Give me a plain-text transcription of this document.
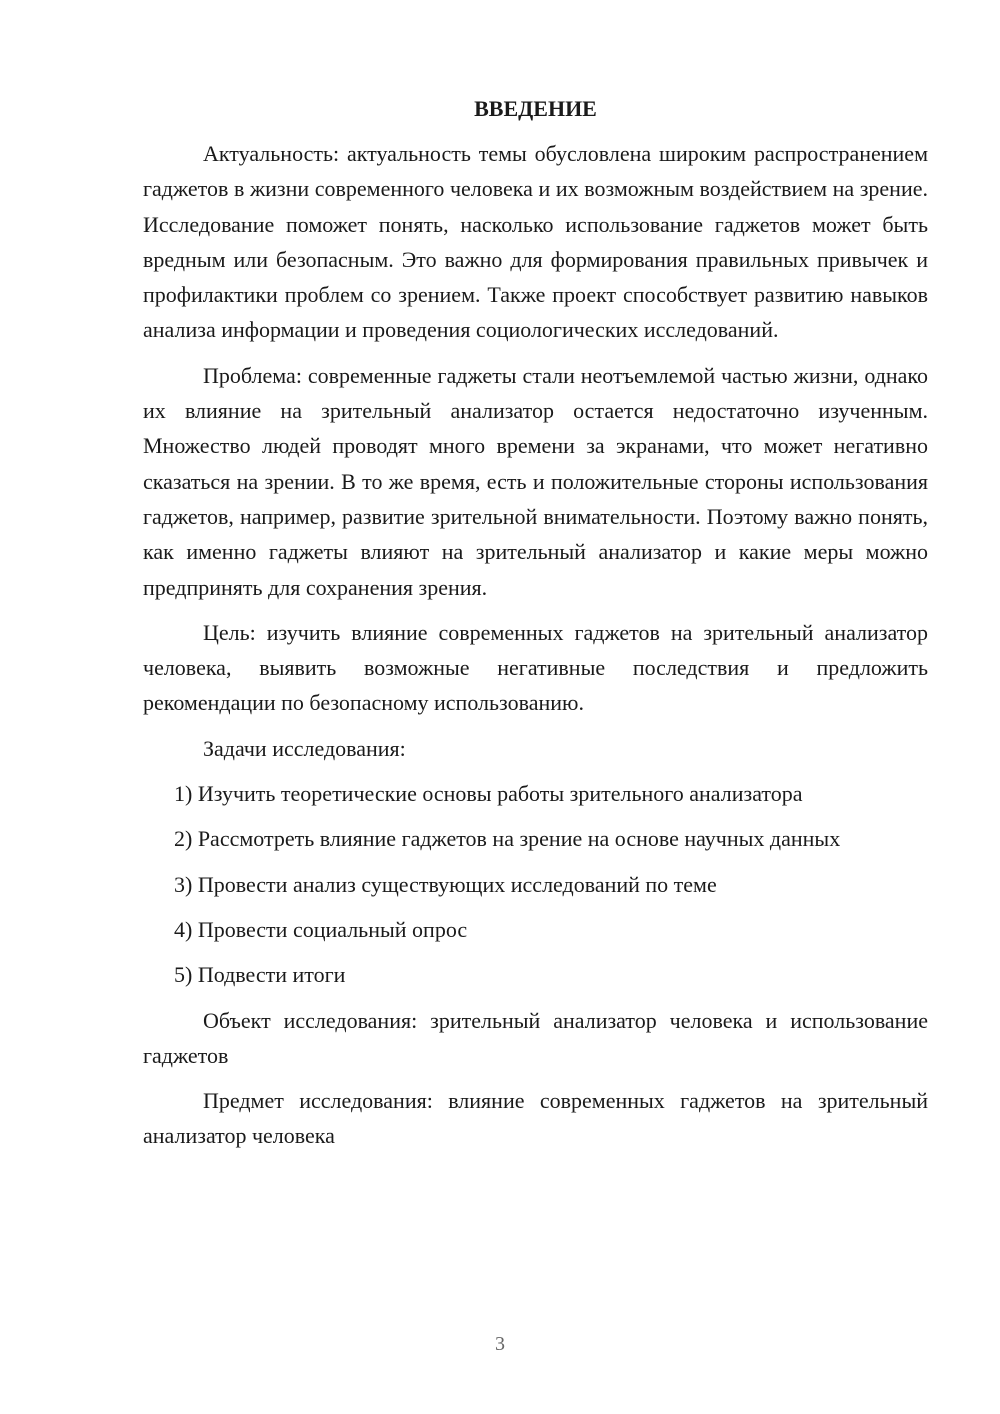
ВВЕДЕНИЕ

Актуальность: актуальность темы обусловлена широким распространением гаджетов в жизни современного человека и их возможным воздействием на зрение. Исследование поможет понять, насколько использование гаджетов может быть вредным или безопасным. Это важно для формирования правильных привычек и профилактики проблем со зрением. Также проект способствует развитию навыков анализа информации и проведения социологических исследований.

Проблема: современные гаджеты стали неотъемлемой частью жизни, однако их влияние на зрительный анализатор остается недостаточно изученным. Множество людей проводят много времени за экранами, что может негативно сказаться на зрении. В то же время, есть и положительные стороны использования гаджетов, например, развитие зрительной внимательности. Поэтому важно понять, как именно гаджеты влияют на зрительный анализатор и какие меры можно предпринять для сохранения зрения.

Цель: изучить влияние современных гаджетов на зрительный анализатор человека, выявить возможные негативные последствия и предложить рекомендации по безопасному использованию.

Задачи исследования:

1) Изучить теоретические основы работы зрительного анализатора

2) Рассмотреть влияние гаджетов на зрение на основе научных данных

3) Провести анализ существующих исследований по теме

4) Провести социальный опрос

5) Подвести итоги

Объект исследования: зрительный анализатор человека и использование гаджетов

Предмет исследования: влияние современных гаджетов на зрительный анализатор человека

3
